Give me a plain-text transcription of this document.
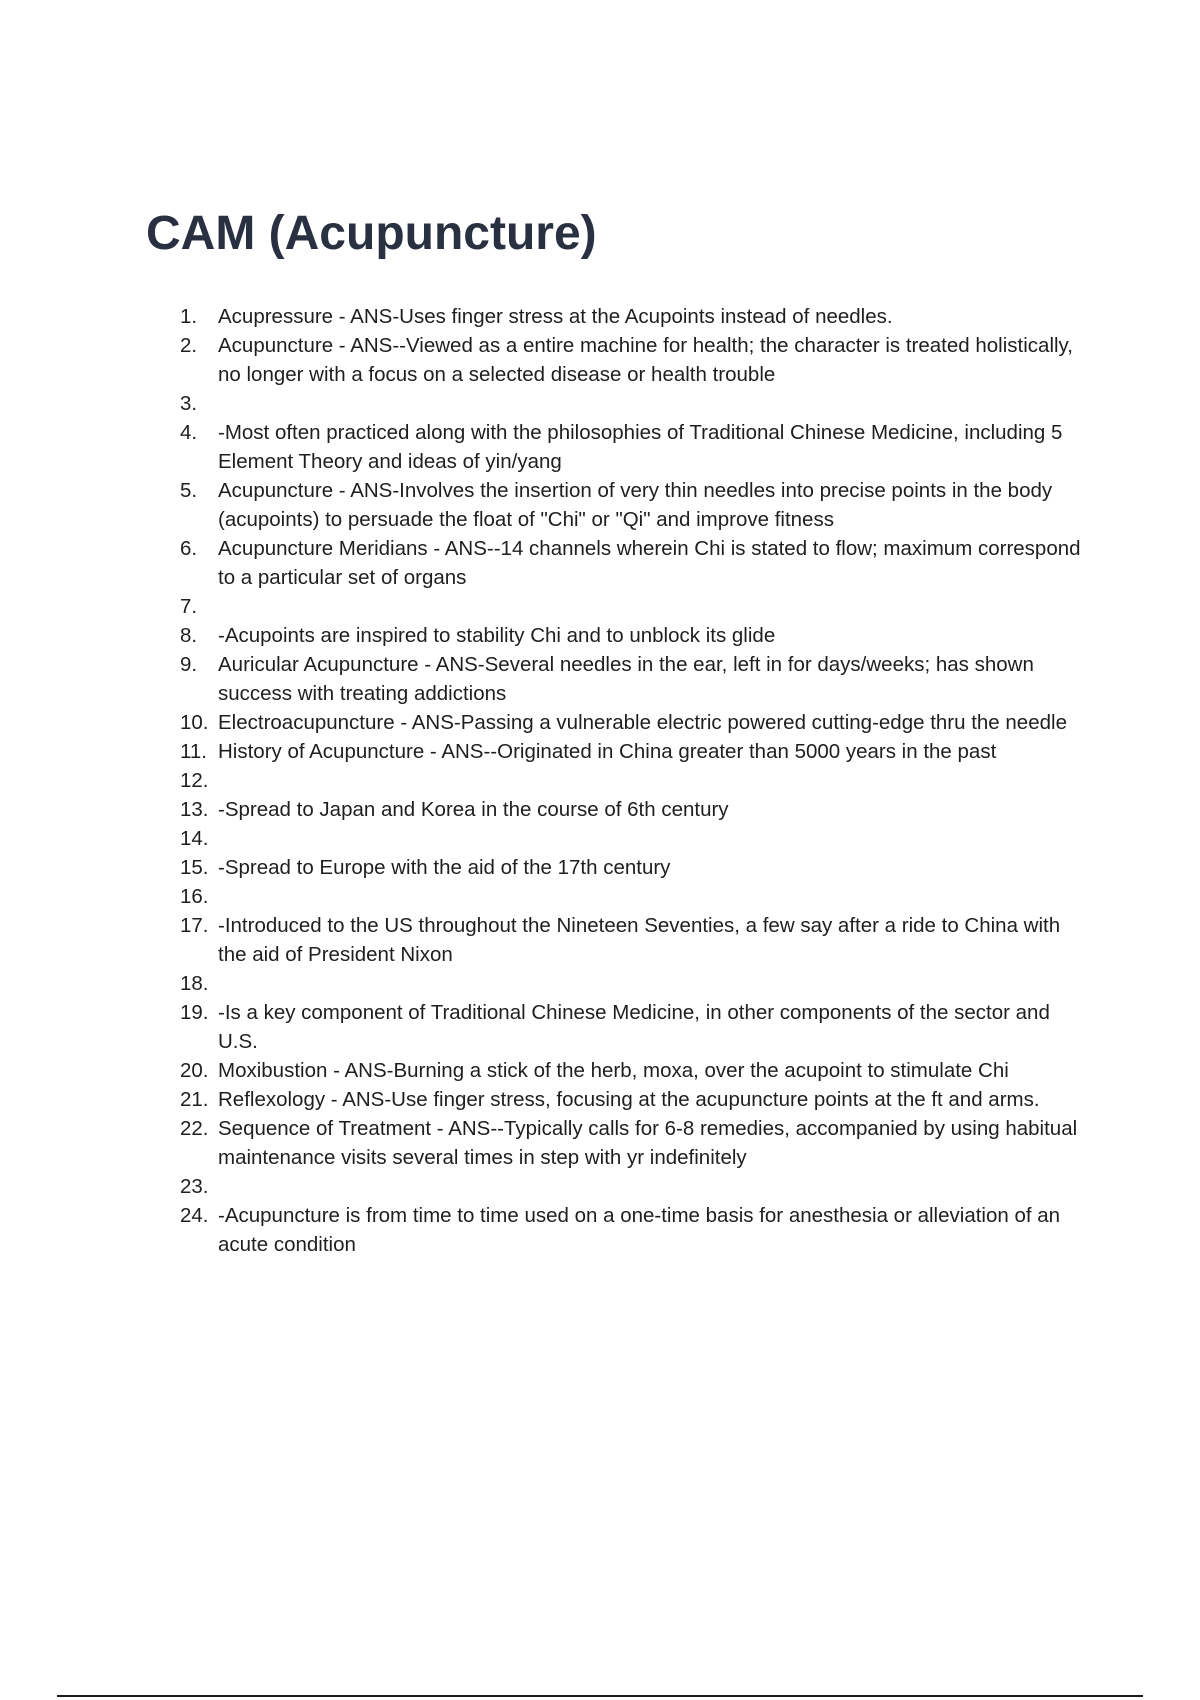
CAM (Acupuncture)
1.	Acupressure - ANS-Uses finger stress at the Acupoints instead of needles.
2.	Acupuncture - ANS--Viewed as a entire machine for health; the character is treated holistically, no longer with a focus on a selected disease or health trouble
3.
4.	-Most often practiced along with the philosophies of Traditional Chinese Medicine, including 5 Element Theory and ideas of yin/yang
5.	Acupuncture - ANS-Involves the insertion of very thin needles into precise points in the body (acupoints) to persuade the float of "Chi" or "Qi" and improve fitness
6.	Acupuncture Meridians - ANS--14 channels wherein Chi is stated to flow; maximum correspond to a particular set of organs
7.
8.	-Acupoints are inspired to stability Chi and to unblock its glide
9.	Auricular Acupuncture - ANS-Several needles in the ear, left in for days/weeks; has shown success with treating addictions
10. Electroacupuncture - ANS-Passing a vulnerable electric powered cutting-edge thru the needle
11. History of Acupuncture - ANS--Originated in China greater than 5000 years in the past
12.
13. -Spread to Japan and Korea in the course of 6th century
14.
15. -Spread to Europe with the aid of the 17th century
16.
17. -Introduced to the US throughout the Nineteen Seventies, a few say after a ride to China with the aid of President Nixon
18.
19. -Is a key component of Traditional Chinese Medicine, in other components of the sector and U.S.
20. Moxibustion - ANS-Burning a stick of the herb, moxa, over the acupoint to stimulate Chi
21. Reflexology - ANS-Use finger stress, focusing at the acupuncture points at the ft and arms.
22. Sequence of Treatment - ANS--Typically calls for 6-8 remedies, accompanied by using habitual maintenance visits several times in step with yr indefinitely
23.
24. -Acupuncture is from time to time used on a one-time basis for anesthesia or alleviation of an acute condition
